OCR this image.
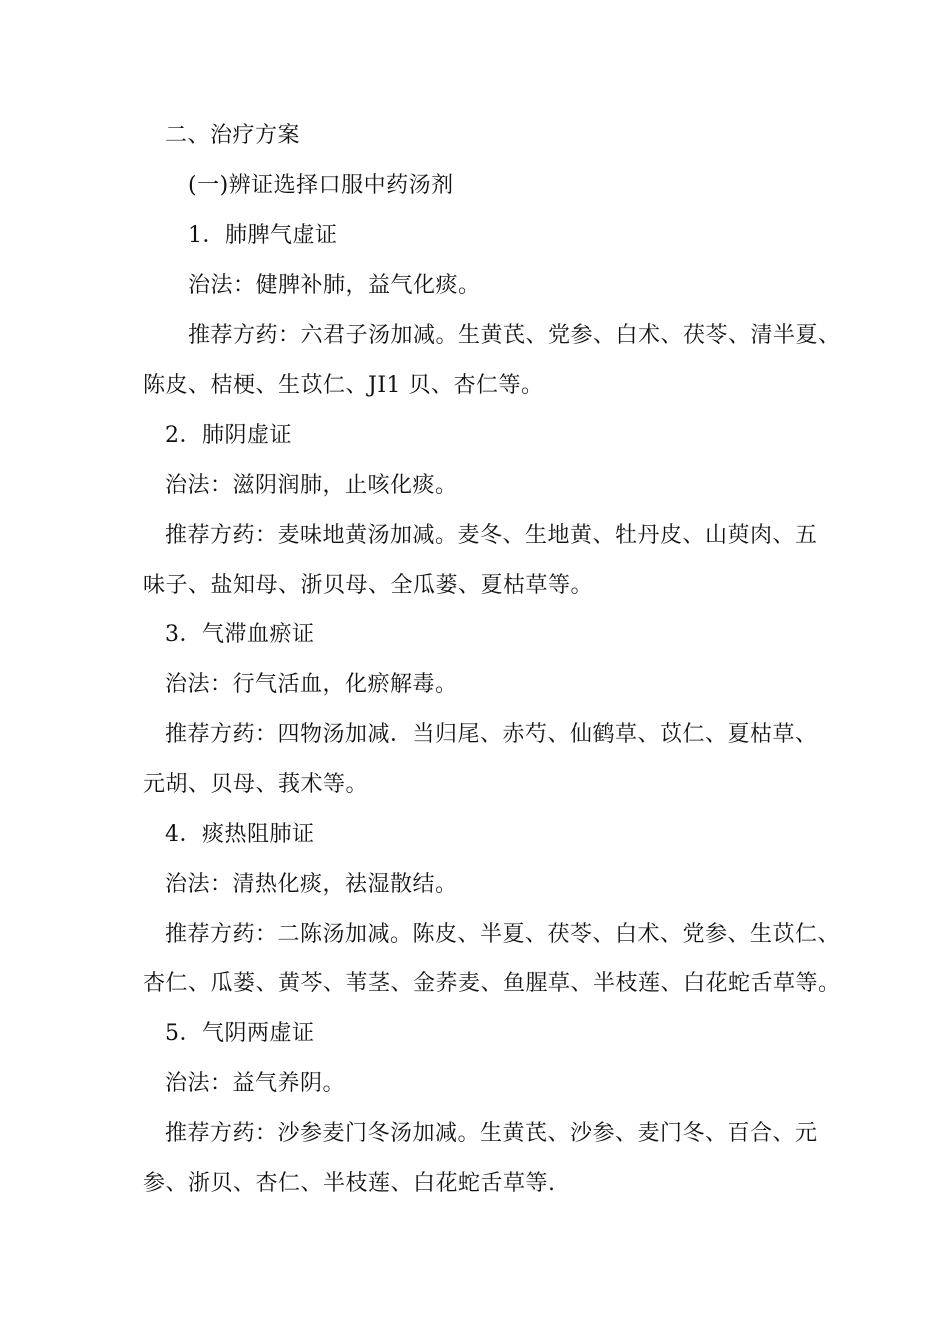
二、治疗方案
(一)辨证选择口服中药汤剂
1．肺脾气虚证
治法：健脾补肺，益气化痰。
推荐方药：六君子汤加减。生黄芪、党参、白术、茯苓、清半夏、
陈皮、桔梗、生苡仁、JI1 贝、杏仁等。
2．肺阴虚证
治法：滋阴润肺，止咳化痰。
推荐方药：麦味地黄汤加减。麦冬、生地黄、牡丹皮、山萸肉、五
味子、盐知母、浙贝母、全瓜蒌、夏枯草等。
3．气滞血瘀证
治法：行气活血，化瘀解毒。
推荐方药：四物汤加减．当归尾、赤芍、仙鹤草、苡仁、夏枯草、
元胡、贝母、莪术等。
4．痰热阻肺证
治法：清热化痰，祛湿散结。
推荐方药：二陈汤加减。陈皮、半夏、茯苓、白术、党参、生苡仁、
杏仁、瓜蒌、黄芩、苇茎、金荞麦、鱼腥草、半枝莲、白花蛇舌草等。
5．气阴两虚证
治法：益气养阴。
推荐方药：沙参麦门冬汤加减。生黄芪、沙参、麦门冬、百合、元
参、浙贝、杏仁、半枝莲、白花蛇舌草等.
